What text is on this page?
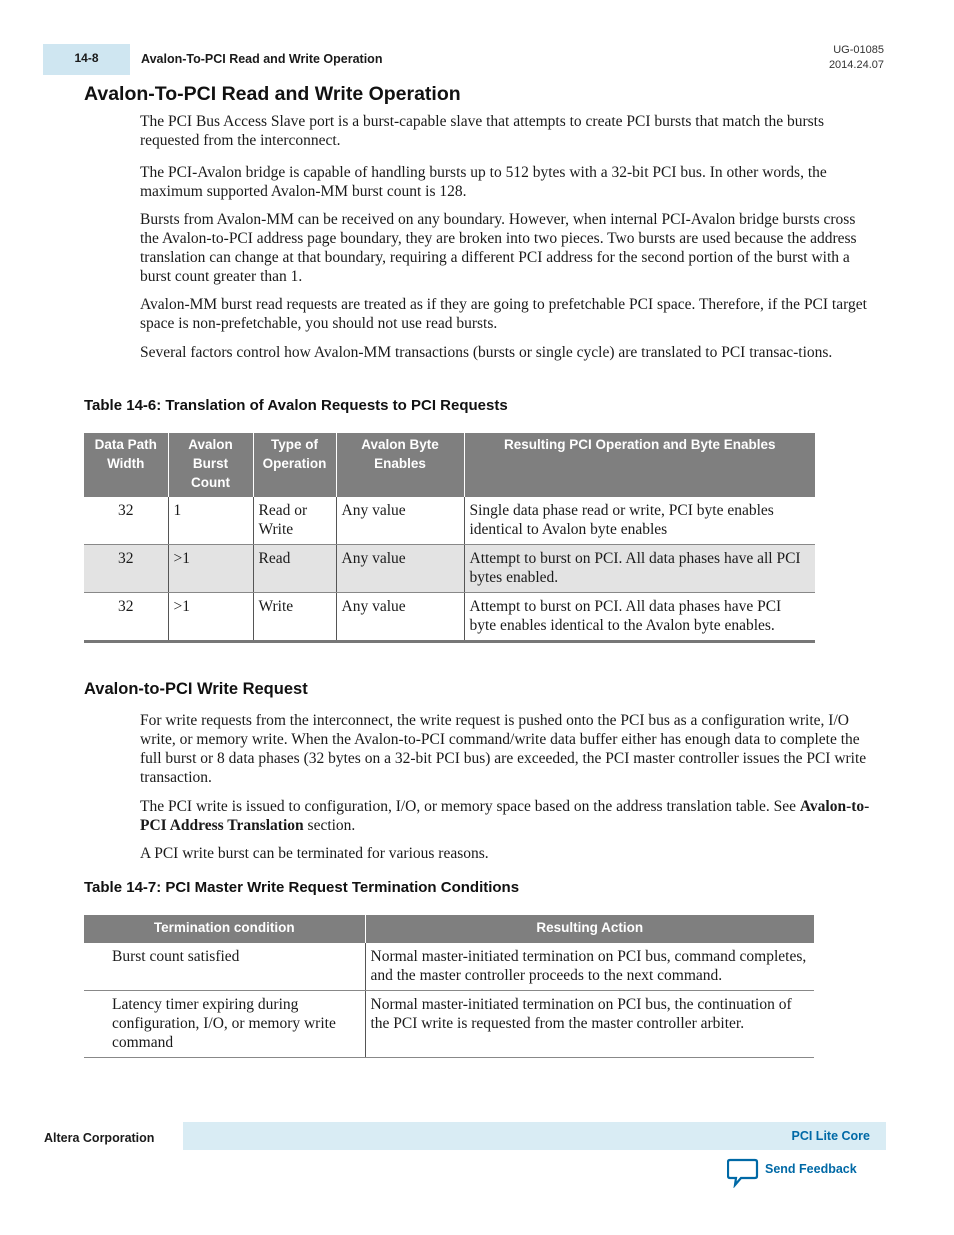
14-8	Avalon-To-PCI Read and Write Operation
UG-01085
2014.24.07
Avalon-To-PCI Read and Write Operation

The PCI Bus Access Slave port is a burst-capable slave that attempts to create PCI bursts that match the bursts requested from the interconnect.

The PCI-Avalon bridge is capable of handling bursts up to 512 bytes with a 32-bit PCI bus. In other words, the maximum supported Avalon-MM burst count is 128.

Bursts from Avalon-MM can be received on any boundary. However, when internal PCI-Avalon bridge bursts cross the Avalon-to-PCI address page boundary, they are broken into two pieces. Two bursts are used because the address translation can change at that boundary, requiring a different PCI address for the second portion of the burst with a burst count greater than 1.

Avalon-MM burst read requests are treated as if they are going to prefetchable PCI space. Therefore, if the PCI target space is non-prefetchable, you should not use read bursts.

Several factors control how Avalon-MM transactions (bursts or single cycle) are translated to PCI transac-tions.

Table 14-6: Translation of Avalon Requests to PCI Requests
Data Path Width	Avalon Burst Count	Type of Operation	Avalon Byte Enables	Resulting PCI Operation and Byte Enables
32	1	Read or Write	Any value	Single data phase read or write, PCI byte enables identical to Avalon byte enables
32	>1	Read	Any value	Attempt to burst on PCI. All data phases have all PCI bytes enabled.
32	>1	Write	Any value	Attempt to burst on PCI. All data phases have PCI byte enables identical to the Avalon byte enables.
Avalon-to-PCI Write Request

For write requests from the interconnect, the write request is pushed onto the PCI bus as a configuration write, I/O write, or memory write. When the Avalon-to-PCI command/write data buffer either has enough data to complete the full burst or 8 data phases (32 bytes on a 32-bit PCI bus) are exceeded, the PCI master controller issues the PCI write transaction.

The PCI write is issued to configuration, I/O, or memory space based on the address translation table. See Avalon-to-PCI Address Translation section.

A PCI write burst can be terminated for various reasons.

Table 14-7: PCI Master Write Request Termination Conditions
Termination condition	Resulting Action
Burst count satisfied	Normal master-initiated termination on PCI bus, command completes, and the master controller proceeds to the next command.
Latency timer expiring during configuration, I/O, or memory write command	Normal master-initiated termination on PCI bus, the continuation of the PCI write is requested from the master controller arbiter.
Altera Corporation	PCI Lite Core
Send Feedback
